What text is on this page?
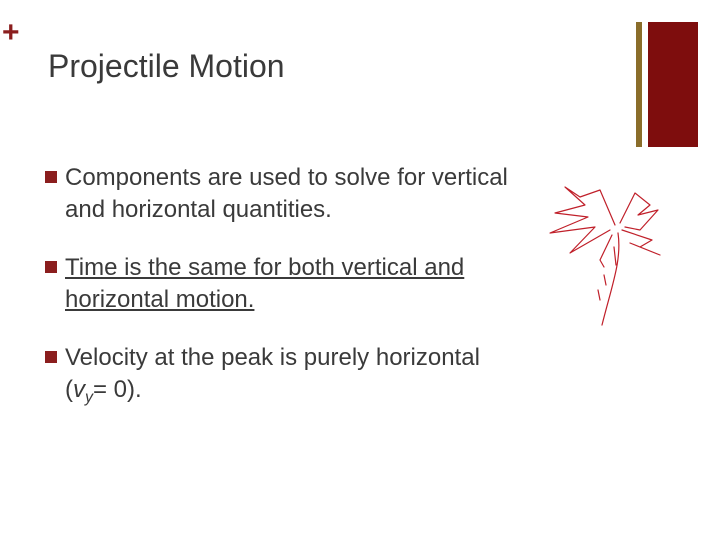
+
Projectile Motion
Components are used to solve for vertical
and horizontal quantities.
Time is the same for both vertical and
horizontal motion.
Velocity at the peak is purely horizontal
$(v_y= 0)$.
